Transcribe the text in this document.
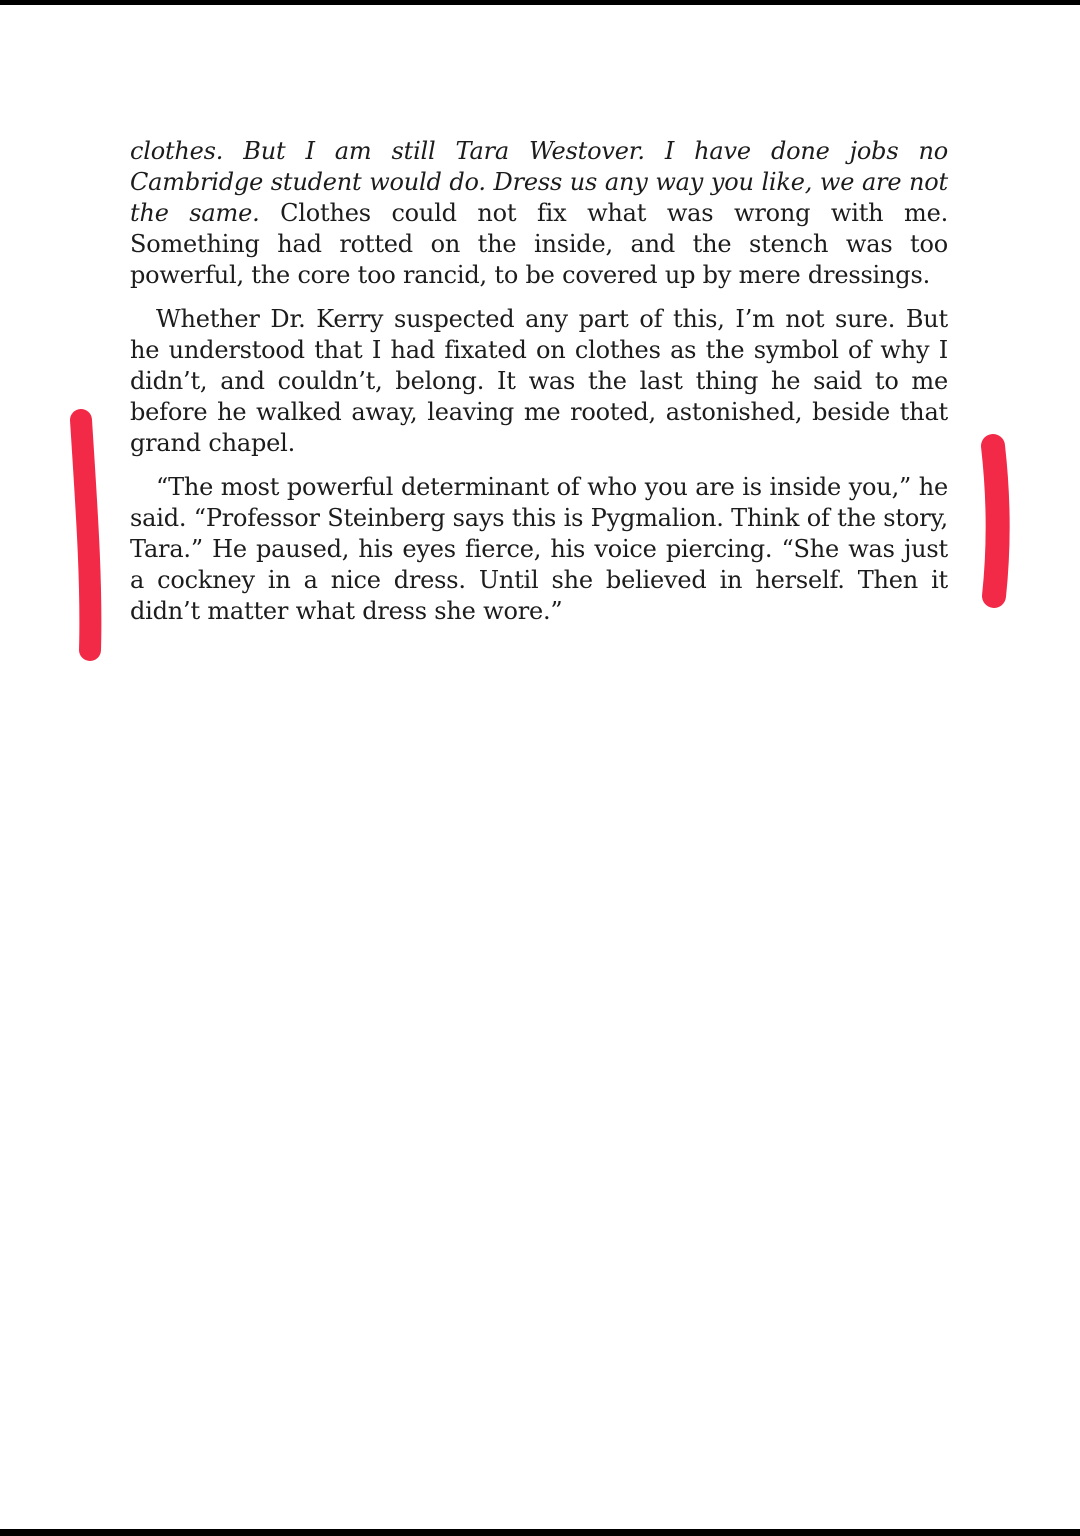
clothes. But I am still Tara Westover. I have done jobs no Cambridge student would do. Dress us any way you like, we are not the same. Clothes could not fix what was wrong with me. Something had rotted on the inside, and the stench was too powerful, the core too rancid, to be covered up by mere dressings.

Whether Dr. Kerry suspected any part of this, I’m not sure. But he understood that I had fixated on clothes as the symbol of why I didn’t, and couldn’t, belong. It was the last thing he said to me before he walked away, leaving me rooted, astonished, beside that grand chapel.

“The most powerful determinant of who you are is inside you,” he said. “Professor Steinberg says this is Pygmalion. Think of the story, Tara.” He paused, his eyes fierce, his voice piercing. “She was just a cockney in a nice dress. Until she believed in herself. Then it didn’t matter what dress she wore.”
